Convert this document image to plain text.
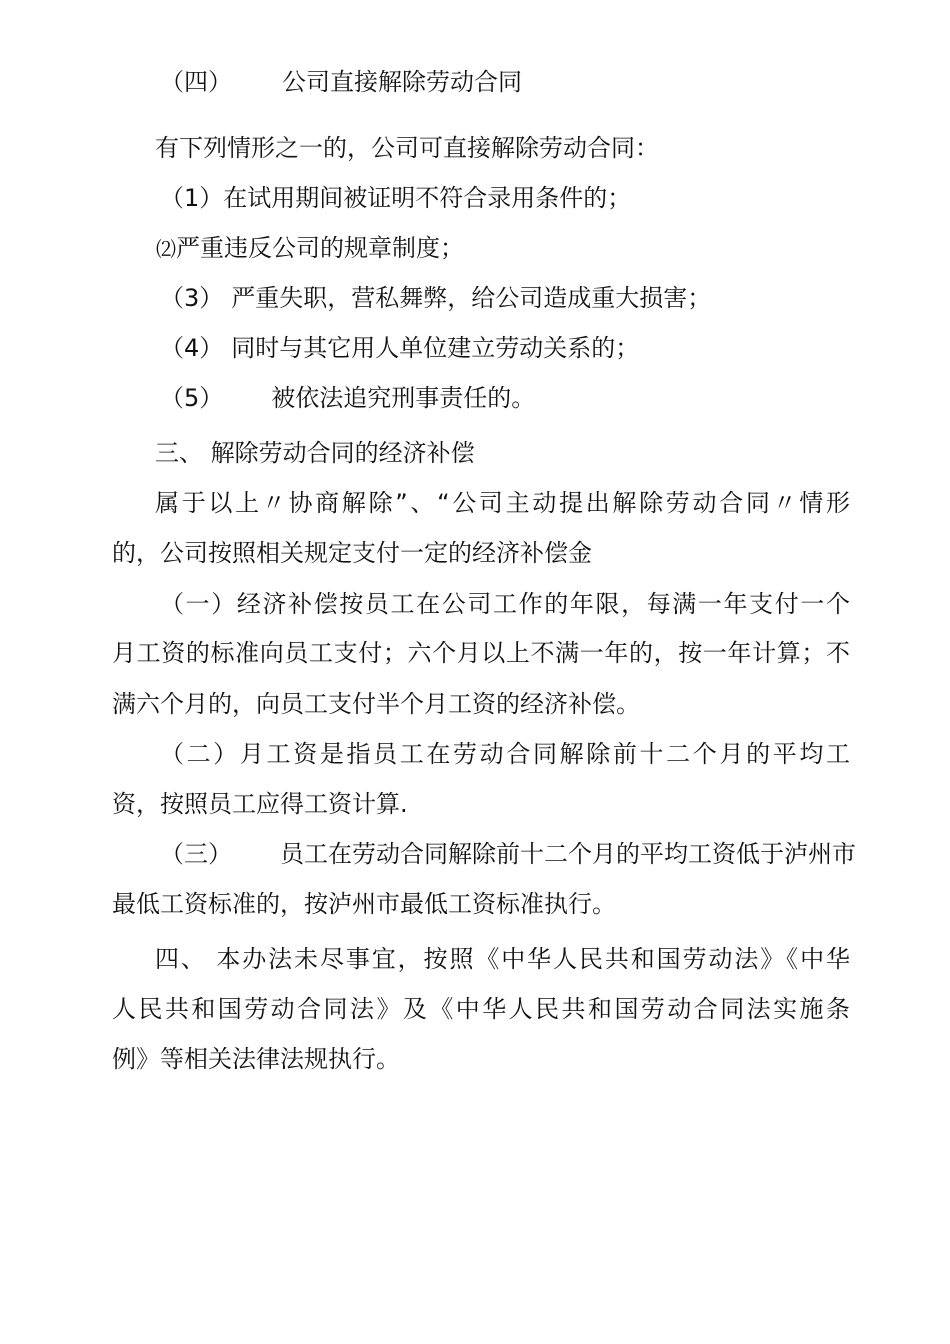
（四） 公司直接解除劳动合同
有下列情形之一的，公司可直接解除劳动合同：
（1）在试用期间被证明不符合录用条件的；
⑵严重违反公司的规章制度；
（3） 严重失职，营私舞弊，给公司造成重大损害；
（4） 同时与其它用人单位建立劳动关系的；
（5） 被依法追究刑事责任的。
三、 解除劳动合同的经济补偿
属于以上〃协商解除”、“公司主动提出解除劳动合同〃情形
的，公司按照相关规定支付一定的经济补偿金
（一）经济补偿按员工在公司工作的年限，每满一年支付一个
月工资的标准向员工支付；六个月以上不满一年的，按一年计算；不
满六个月的，向员工支付半个月工资的经济补偿。
（二）月工资是指员工在劳动合同解除前十二个月的平均工
资，按照员工应得工资计算.
（三） 员工在劳动合同解除前十二个月的平均工资低于泸州市
最低工资标准的，按泸州市最低工资标准执行。
四、 本办法未尽事宜，按照《中华人民共和国劳动法》《中华
人民共和国劳动合同法》及《中华人民共和国劳动合同法实施条
例》等相关法律法规执行。
